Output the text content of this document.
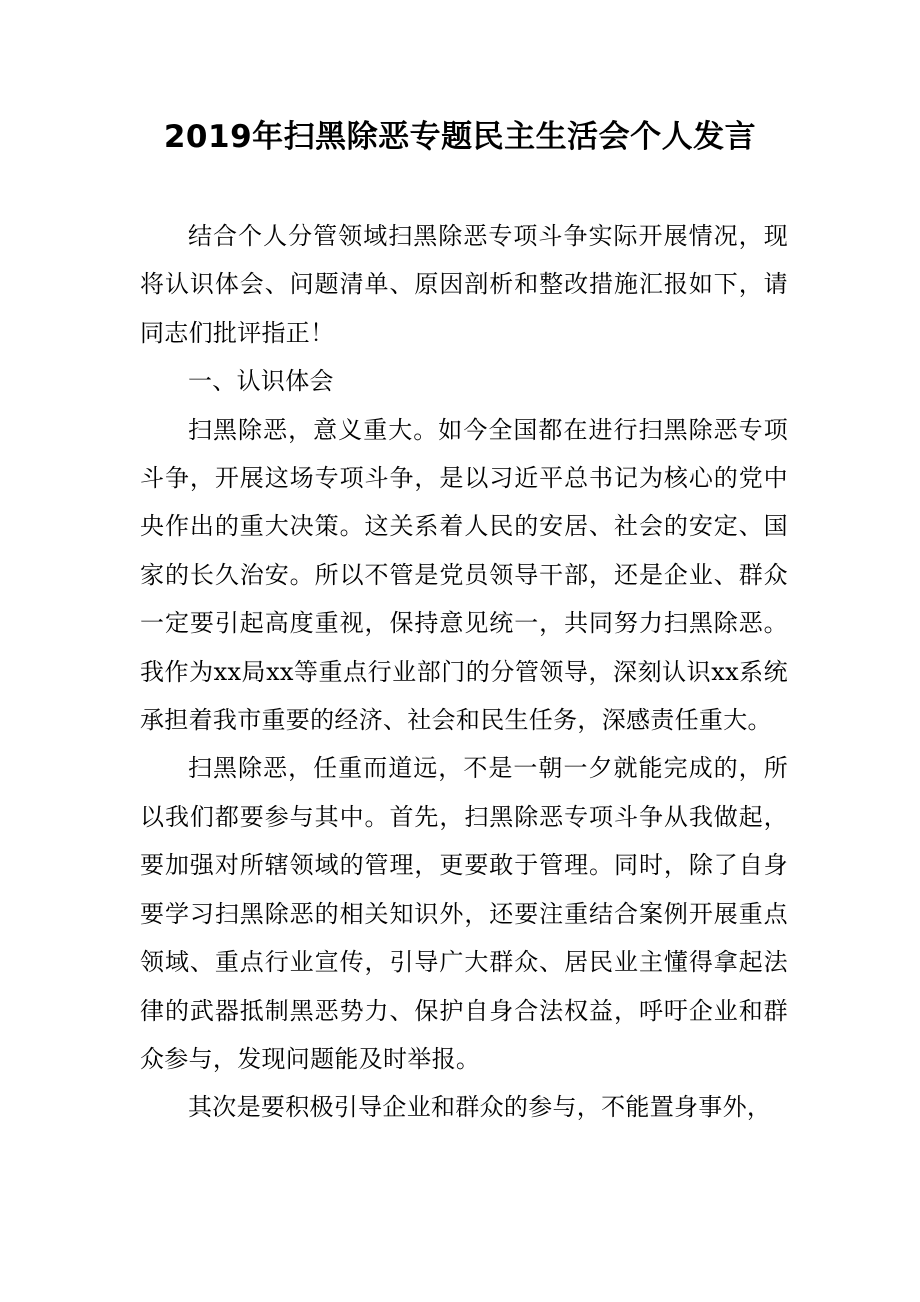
2019年扫黑除恶专题民主生活会个人发言

结合个人分管领域扫黑除恶专项斗争实际开展情况，现将认识体会、问题清单、原因剖析和整改措施汇报如下，请同志们批评指正！

一、认识体会

扫黑除恶，意义重大。如今全国都在进行扫黑除恶专项斗争，开展这场专项斗争，是以习近平总书记为核心的党中央作出的重大决策。这关系着人民的安居、社会的安定、国家的长久治安。所以不管是党员领导干部，还是企业、群众一定要引起高度重视，保持意见统一，共同努力扫黑除恶。我作为xx局xx等重点行业部门的分管领导，深刻认识xx系统承担着我市重要的经济、社会和民生任务，深感责任重大。

扫黑除恶，任重而道远，不是一朝一夕就能完成的，所以我们都要参与其中。首先，扫黑除恶专项斗争从我做起，要加强对所辖领域的管理，更要敢于管理。同时，除了自身要学习扫黑除恶的相关知识外，还要注重结合案例开展重点领域、重点行业宣传，引导广大群众、居民业主懂得拿起法律的武器抵制黑恶势力、保护自身合法权益，呼吁企业和群众参与，发现问题能及时举报。

其次是要积极引导企业和群众的参与，不能置身事外，
